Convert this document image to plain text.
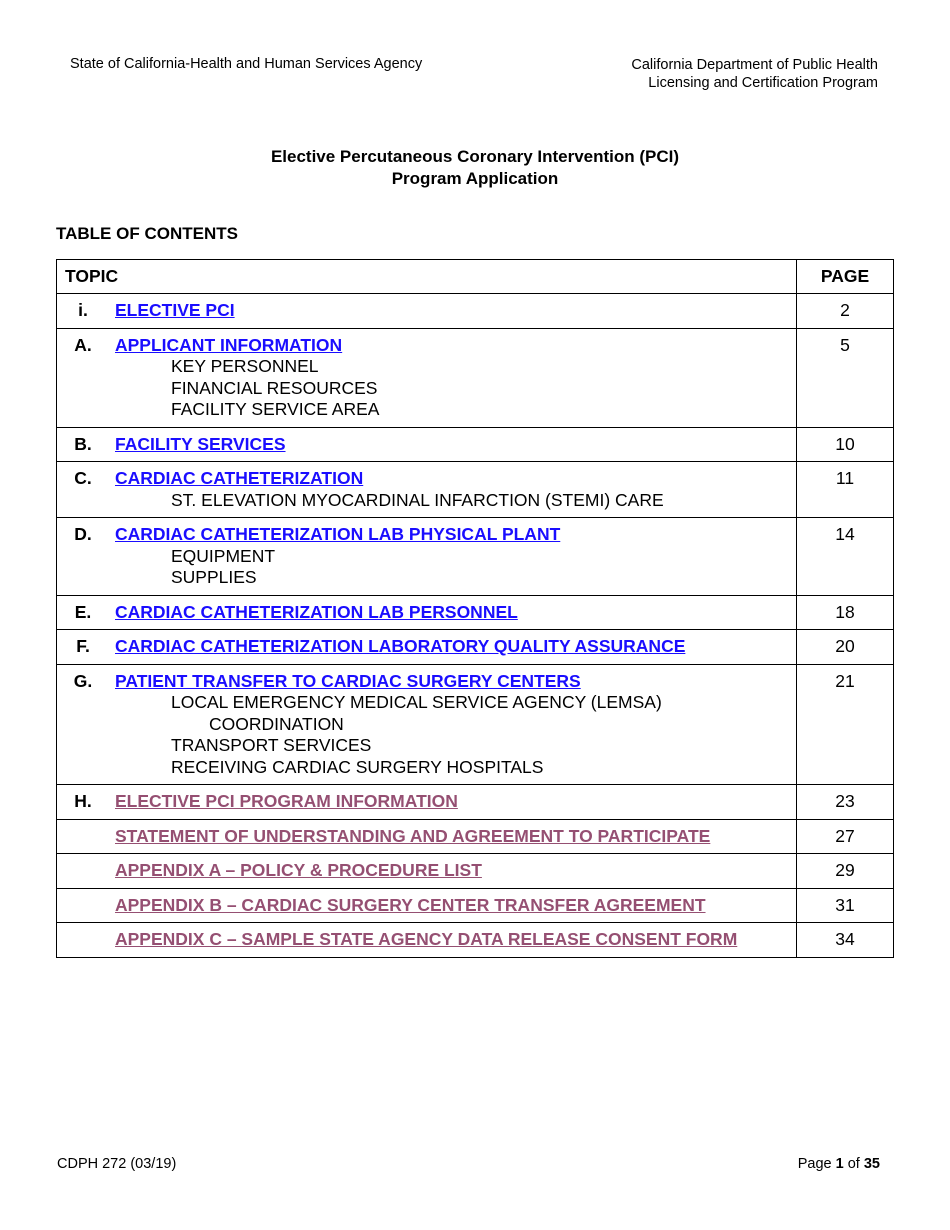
State of California-Health and Human Services Agency	California Department of Public Health
Licensing and Certification Program
Elective Percutaneous Coronary Intervention (PCI)
Program Application
TABLE OF CONTENTS
TOPIC		PAGE
i.	ELECTIVE PCI	2
A.	APPLICANT INFORMATION
KEY PERSONNEL
FINANCIAL RESOURCES
FACILITY SERVICE AREA	5
B.	FACILITY SERVICES	10
C.	CARDIAC CATHETERIZATION
ST. ELEVATION MYOCARDINAL INFARCTION (STEMI) CARE	11
D.	CARDIAC CATHETERIZATION LAB PHYSICAL PLANT
EQUIPMENT
SUPPLIES	14
E.	CARDIAC CATHETERIZATION LAB PERSONNEL	18
F.	CARDIAC CATHETERIZATION LABORATORY QUALITY ASSURANCE	20
G.	PATIENT TRANSFER TO CARDIAC SURGERY CENTERS
LOCAL EMERGENCY MEDICAL SERVICE AGENCY (LEMSA)
COORDINATION
TRANSPORT SERVICES
RECEIVING CARDIAC SURGERY HOSPITALS	21
H.	ELECTIVE PCI PROGRAM INFORMATION	23
	STATEMENT OF UNDERSTANDING AND AGREEMENT TO PARTICIPATE	27
	APPENDIX A – POLICY & PROCEDURE LIST	29
	APPENDIX B – CARDIAC SURGERY CENTER TRANSFER AGREEMENT	31
	APPENDIX C – SAMPLE STATE AGENCY DATA RELEASE CONSENT FORM	34
CDPH 272 (03/19)	Page 1 of 35
